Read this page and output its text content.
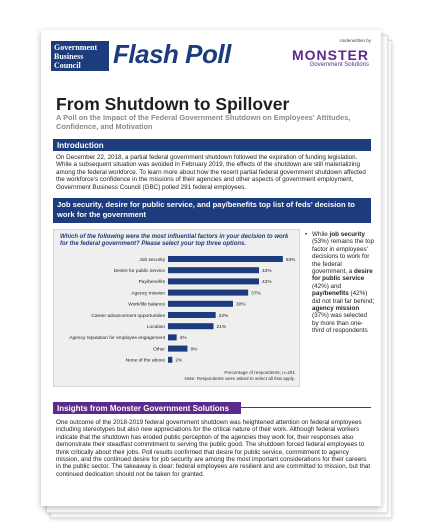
Government
Business
Council	Flash Poll	Underwritten by
MONSTER
Government Solutions
From Shutdown to Spillover
A Poll on the Impact of the Federal Government Shutdown on Employees' Attitudes, Confidence, and Motivation
Introduction
On December 22, 2018, a partial federal government shutdown followed the expiration of funding legislation. While a subsequent situation was avoided in February 2019, the effects of the shutdown are still materializing among the federal workforce. To learn more about how the recent partial federal government shutdown affected the workforce's confidence in the missions of their agencies and other aspects of government employment, Government Business Council (GBC) polled 291 federal employees.
Job security, desire for public service, and pay/benefits top list of feds' decision to work for the government
Which of the following were the most influential factors in your decision to work for the federal government? Please select your top three options.
Job security	53%
Desire for public service	42%
Pay/benefits	42%
Agency mission	37%
Work/life balance	30%
Career advancement opportunities	22%
Location	21%
Agency reputation for employee engagement	4%
Other	9%
None of the above 2%
Percentage of respondents; n=291
Note: Respondents were asked to select all that apply.
• While job security (53%) remains the top factor in employees' decisions to work for the federal government, a desire for public service (42%) and pay/benefits (42%) did not trail far behind; agency mission (37%) was selected by more than one-third of respondents
Insights from Monster Government Solutions
One outcome of the 2018-2019 federal government shutdown was heightened attention on federal employees including stereotypes but also new appreciations for the critical nature of their work. Although federal workers indicate that the shutdown has eroded public perception of the agencies they work for, their responses also demonstrate their steadfast commitment to serving the public good. The shutdown forced federal employees to think critically about their jobs. Poll results confirmed that desire for public service, commitment to agency mission, and the continued desire for job security are among the most important considerations for their careers in the public sector. The takeaway is clear: federal employees are resilient and are committed to mission, but that continued dedication should not be taken for granted.
